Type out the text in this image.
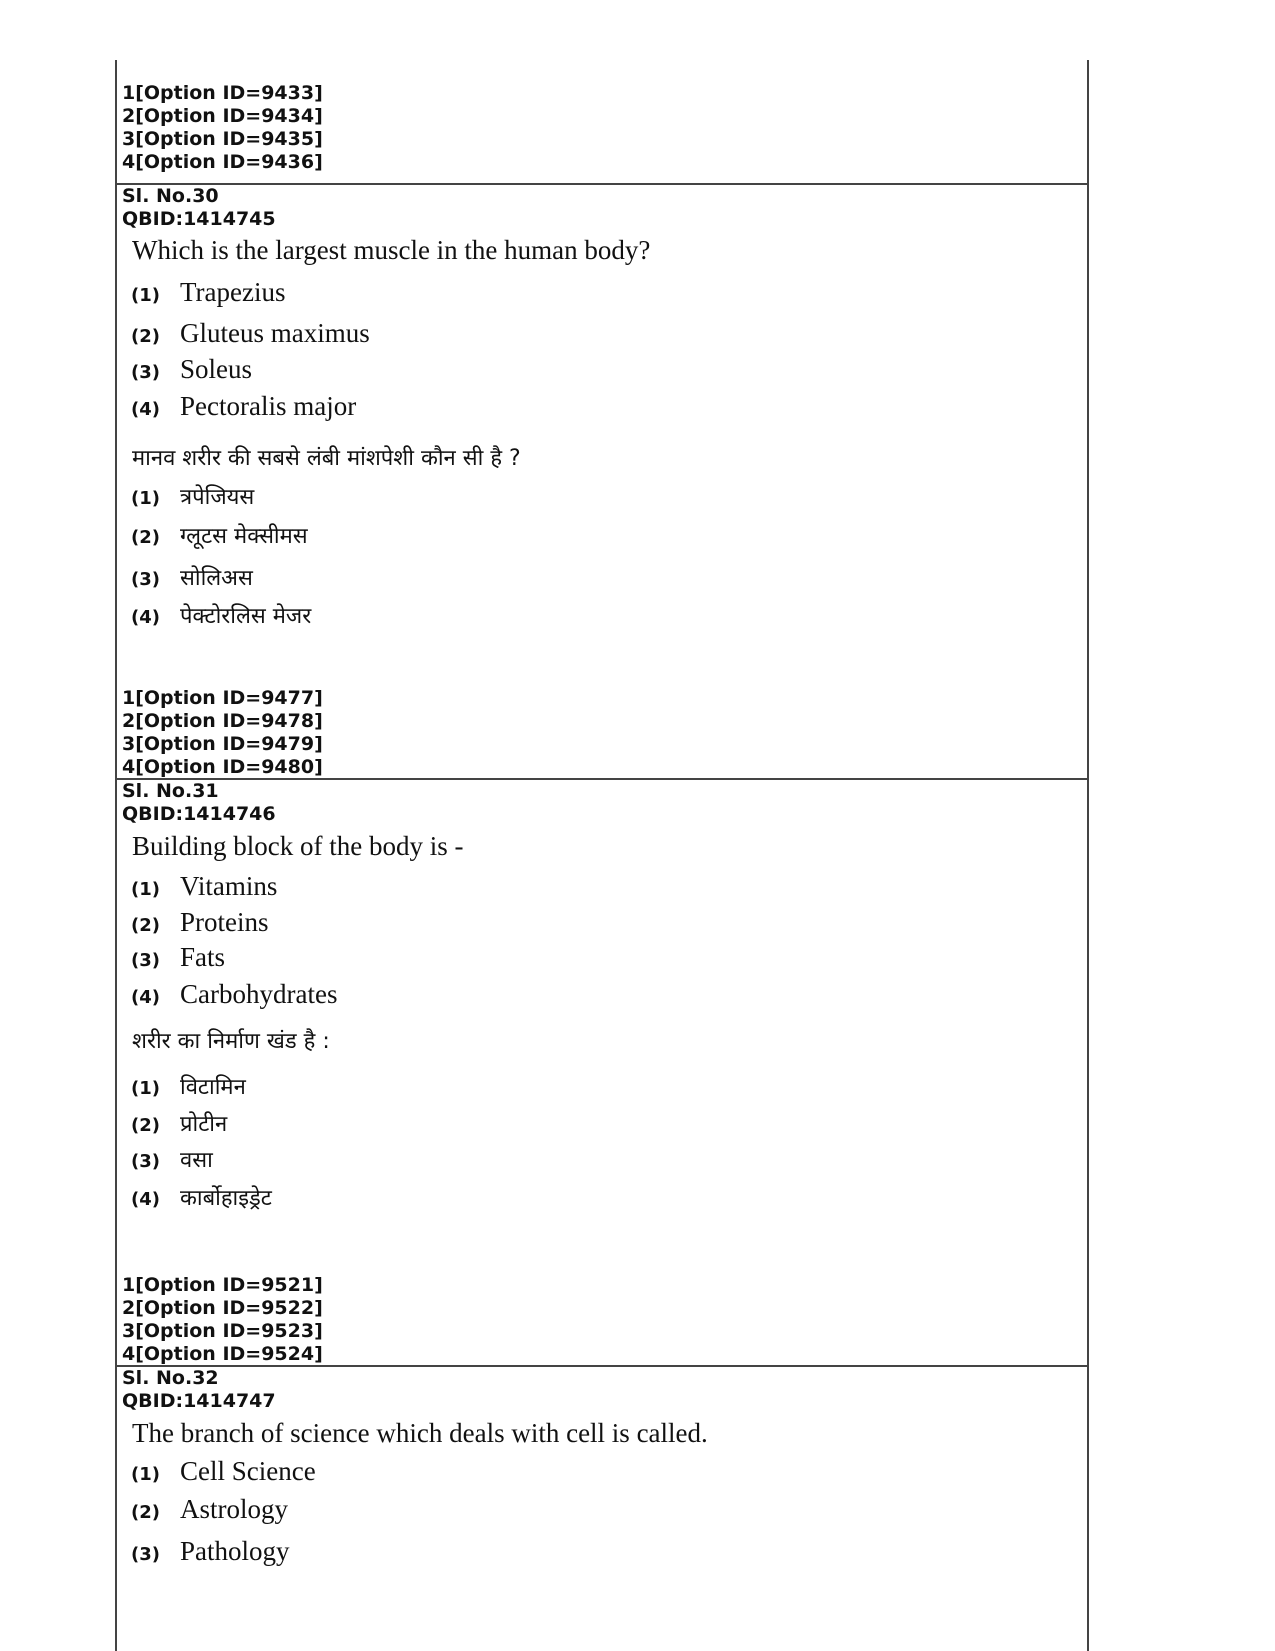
1[Option ID=9433]
2[Option ID=9434]
3[Option ID=9435]
4[Option ID=9436]
Sl. No.30
QBID:1414745
Which is the largest muscle in the human body?
(1) Trapezius
(2) Gluteus maximus
(3) Soleus
(4) Pectoralis major
मानव शरीर की सबसे लंबी मांशपेशी कौन सी है ?
(1) त्रपेजियस
(2) ग्लूटस मेक्सीमस
(3) सोलिअस
(4) पेक्टोरलिस मेजर
1[Option ID=9477]
2[Option ID=9478]
3[Option ID=9479]
4[Option ID=9480]
Sl. No.31
QBID:1414746
Building block of the body is -
(1) Vitamins
(2) Proteins
(3) Fats
(4) Carbohydrates
शरीर का निर्माण खंड है :
(1) विटामिन
(2) प्रोटीन
(3) वसा
(4) कार्बोहाइड्रेट
1[Option ID=9521]
2[Option ID=9522]
3[Option ID=9523]
4[Option ID=9524]
Sl. No.32
QBID:1414747
The branch of science which deals with cell is called.
(1) Cell Science
(2) Astrology
(3) Pathology
